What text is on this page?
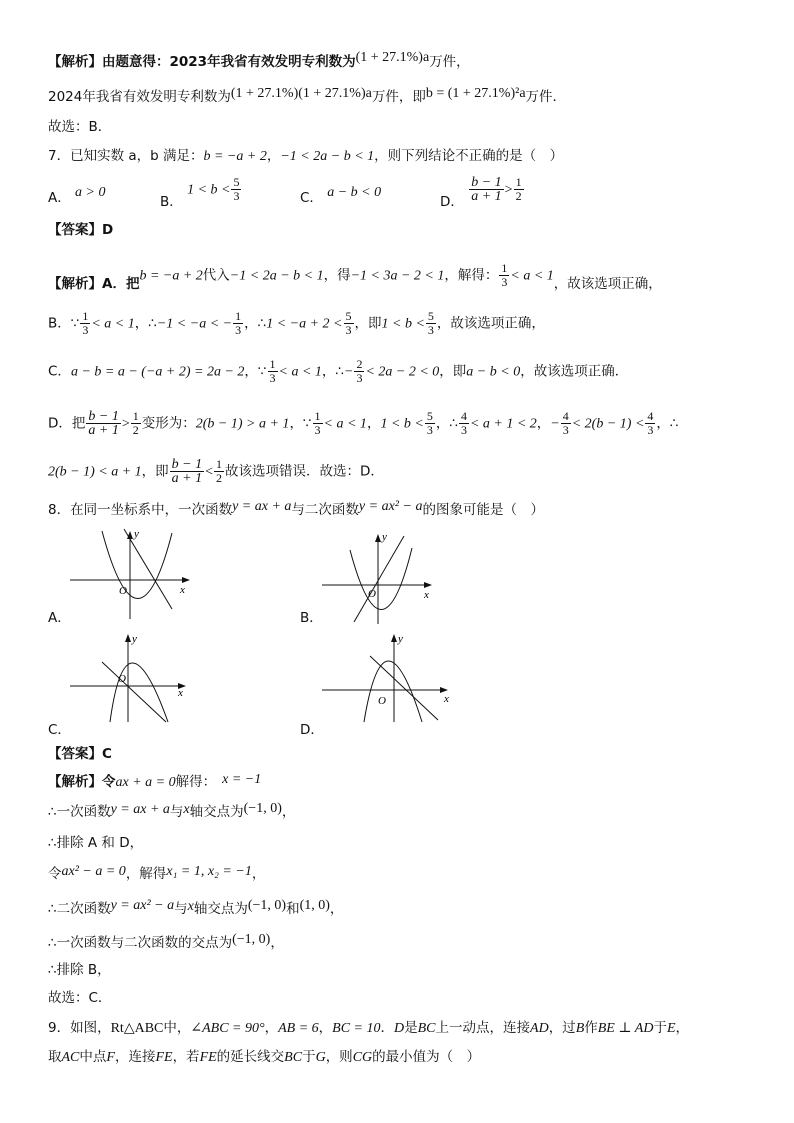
【解析】由题意得：2023年我省有效发明专利数为(1 + 27.1%)a万件，
2024年我省有效发明专利数为(1 + 27.1%)(1 + 27.1%)a万件，即b = (1 + 27.1%)²a万件．
故选：B．
7．已知实数 a，b 满足：b = −a + 2，−1 < 2a − b < 1，则下列结论不正确的是（　）
A． a > 0
B． $1 < b < \frac{5}{3}$	C． a − b < 0
D． $\frac{b - 1}{a + 1} > \frac{1}{2}$
【答案】D
【解析】A．把b = −a + 2代入−1 < 2a − b < 1，得−1 < 3a − 2 < 1，解得： $\frac{1}{3} < a < 1$，故该选项正确，
B．∵ $\frac{1}{3} < a < 1$，∴−1 < −a < − $\frac{1}{3}$ ，∴1 < $-a + 2 < \frac{5}{3}$ ，即$1 < b < \frac{5}{3}$ ，故该选项正确，
C．a − b = a − (−a + 2) = 2a − 2，∵ $\frac{1}{3} < a < 1$，∴− $\frac{2}{3} < 2a - 2 < 0$，即a − b < 0，故该选项正确．
D．把 $\frac{b - 1}{a + 1} > \frac{1}{2}$ 变形为：2(b − 1) > a + 1，∵ $\frac{1}{3} < a < 1$，$1 < b < \frac{5}{3}$ ，∴ $\frac{4}{3} < a + 1 < 2$，− $\frac{4}{3} < 2(b - 1) < \frac{4}{3}$ ，∴
2(b − 1) < a + 1，即 $\frac{b - 1}{a + 1} < \frac{1}{2}$ 故该选项错误．故选：D．
8．在同一坐标系中，一次函数y = ax + a与二次函数y = ax² − a的图象可能是（　）
y
x
O
A．
y
x
O
B．
y
x
O
C．
y
x
O
D．
【答案】C
【解析】令ax + a = 0解得： x = −1
∴一次函数y = ax + a与x轴交点为(−1, 0)，
∴排除 A 和 D，
令ax² − a = 0，解得x₁ = 1, x₂ = −1，
∴二次函数y = ax² − a与x轴交点为(−1, 0)和(1, 0)，
∴一次函数与二次函数的交点为(−1, 0)，
∴排除 B，
故选：C．
9．如图，Rt△ABC中，∠ABC = 90°，AB = 6，BC = 10．D是BC上一动点，连接AD，过B作BE ⊥ AD于E，
取AC中点F，连接FE，若FE的延长线交BC于G，则CG的最小值为（　）
